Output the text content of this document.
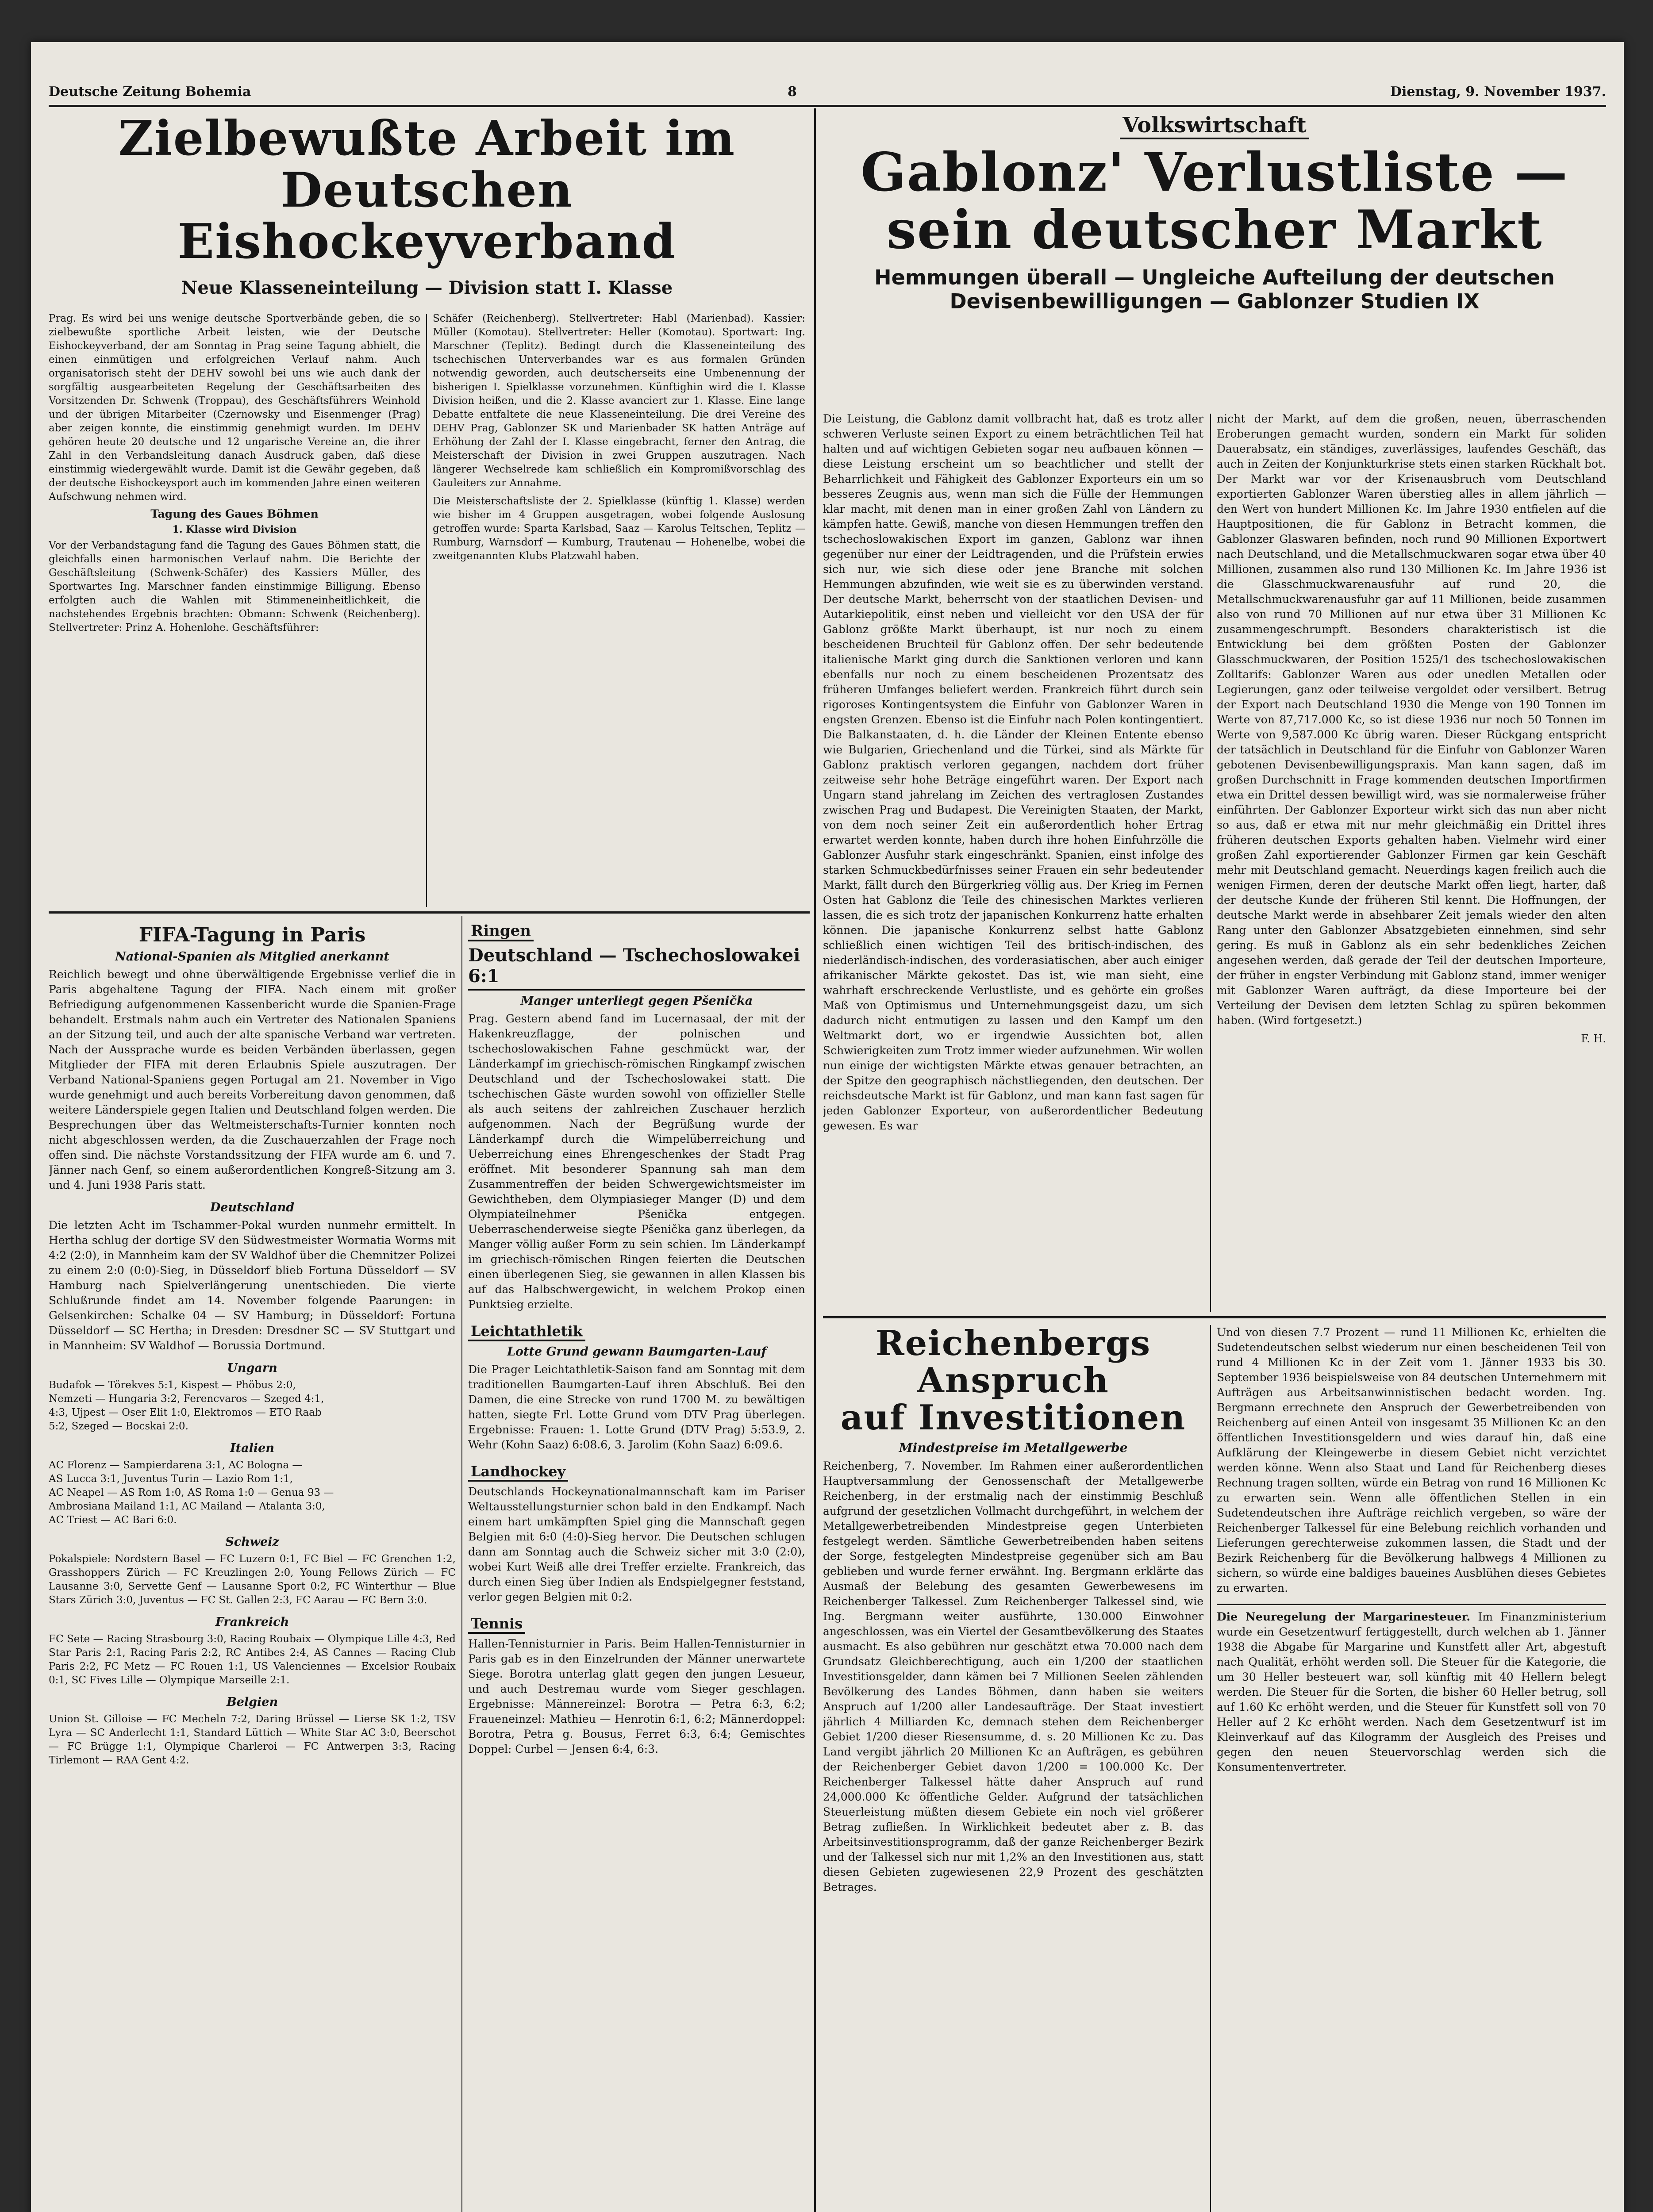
Deutsche Zeitung Bohemia	8	Dienstag, 9. November 1937.
Zielbewußte Arbeit im Deutschen
Eishockeyverband
Neue Klasseneinteilung — Division statt I. Klasse

Prag. Es wird bei uns wenige deutsche Sportverbände geben, die so zielbewußte sportliche Arbeit leisten, wie der Deutsche Eishockeyverband, der am Sonntag in Prag seine Tagung abhielt, die einen einmütigen und erfolgreichen Verlauf nahm. Auch organisatorisch steht der DEHV sowohl bei uns wie auch dank der sorgfältig ausgearbeiteten Regelung der Geschäftsarbeiten des Vorsitzenden Dr. Schwenk (Troppau), des Geschäftsführers Weinhold und der übrigen Mitarbeiter (Czernowsky und Eisenmenger (Prag) aber zeigen konnte, die einstimmig genehmigt wurden. Im DEHV gehören heute 20 deutsche und 12 ungarische Vereine an, die ihrer Zahl in den Verbandsleitung danach Ausdruck gaben, daß diese einstimmig wiedergewählt wurde. Damit ist die Gewähr gegeben, daß der deutsche Eishockeysport auch im kommenden Jahre einen weiteren Aufschwung nehmen wird.

Tagung des Gaues Böhmen
1. Klasse wird Division

Vor der Verbandstagung fand die Tagung des Gaues Böhmen statt, die gleichfalls einen harmonischen Verlauf nahm. Die Berichte der Geschäftsleitung (Schwenk-Schäfer) des Kassiers Müller, des Sportwartes Ing. Marschner fanden einstimmige Billigung. Ebenso erfolgten auch die Wahlen mit Stimmeneinheitlichkeit, die nachstehendes Ergebnis brachten: Obmann: Schwenk (Reichenberg). Stellvertreter: Prinz A. Hohenlohe. Geschäftsführer:

Schäfer (Reichenberg). Stellvertreter: Habl (Marienbad). Kassier: Müller (Komotau). Stellvertreter: Heller (Komotau). Sportwart: Ing. Marschner (Teplitz). Bedingt durch die Klasseneinteilung des tschechischen Unterverbandes war es aus formalen Gründen notwendig geworden, auch deutscherseits eine Umbenennung der bisherigen I. Spielklasse vorzunehmen. Künftighin wird die I. Klasse Division heißen, und die 2. Klasse avanciert zur 1. Klasse. Eine lange Debatte entfaltete die neue Klasseneinteilung. Die drei Vereine des DEHV Prag, Gablonzer SK und Marienbader SK hatten Anträge auf Erhöhung der Zahl der I. Klasse eingebracht, ferner den Antrag, die Meisterschaft der Division in zwei Gruppen auszutragen. Nach längerer Wechselrede kam schließlich ein Kompromißvorschlag des Gauleiters zur Annahme.

Die Meisterschaftsliste der 2. Spielklasse (künftig 1. Klasse) werden wie bisher im 4 Gruppen ausgetragen, wobei folgende Auslosung getroffen wurde: Sparta Karlsbad, Saaz — Karolus Teltschen, Teplitz — Rumburg, Warnsdorf — Kumburg, Trautenau — Hohenelbe, wobei die zweitgenannten Klubs Platzwahl haben.

FIFA-Tagung in Paris
National-Spanien als Mitglied anerkannt

Reichlich bewegt und ohne überwältigende Ergebnisse verlief die in Paris abgehaltene Tagung der FIFA. Nach einem mit großer Befriedigung aufgenommenen Kassenbericht wurde die Spanien-Frage behandelt. Erstmals nahm auch ein Vertreter des Nationalen Spaniens an der Sitzung teil, und auch der alte spanische Verband war vertreten. Nach der Aussprache wurde es beiden Verbänden überlassen, gegen Mitglieder der FIFA mit deren Erlaubnis Spiele auszutragen. Der Verband National-Spaniens gegen Portugal am 21. November in Vigo wurde genehmigt und auch bereits Vorbereitung davon genommen, daß weitere Länderspiele gegen Italien und Deutschland folgen werden. Die Besprechungen über das Weltmeisterschafts-Turnier konnten noch nicht abgeschlossen werden, da die Zuschauerzahlen der Frage noch offen sind. Die nächste Vorstandssitzung der FIFA wurde am 6. und 7. Jänner nach Genf, so einem außerordentlichen Kongreß-Sitzung am 3. und 4. Juni 1938 Paris statt.

Deutschland

Die letzten Acht im Tschammer-Pokal wurden nunmehr ermittelt. In Hertha schlug der dortige SV den Südwestmeister Wormatia Worms mit 4:2 (2:0), in Mannheim kam der SV Waldhof über die Chemnitzer Polizei zu einem 2:0 (0:0)-Sieg, in Düsseldorf blieb Fortuna Düsseldorf — SV Hamburg nach Spielverlängerung unentschieden. Die vierte Schlußrunde findet am 14. November folgende Paarungen: in Gelsenkirchen: Schalke 04 — SV Hamburg; in Düsseldorf: Fortuna Düsseldorf — SC Hertha; in Dresden: Dresdner SC — SV Stuttgart und in Mannheim: SV Waldhof — Borussia Dortmund.

Ungarn
Budafok — Törekves 5:1, Kispest — Phöbus 2:0,
Nemzeti — Hungaria 3:2, Ferencvaros — Szeged 4:1,
4:3, Ujpest — Oser Elit 1:0, Elektromos — ETO Raab
5:2, Szeged — Bocskai 2:0.
Italien
AC Florenz — Sampierdarena 3:1, AC Bologna —
AS Lucca 3:1, Juventus Turin — Lazio Rom 1:1,
AC Neapel — AS Rom 1:0, AS Roma 1:0 — Genua 93 —
Ambrosiana Mailand 1:1, AC Mailand — Atalanta 3:0,
AC Triest — AC Bari 6:0.
Schweiz

Pokalspiele: Nordstern Basel — FC Luzern 0:1, FC Biel — FC Grenchen 1:2, Grasshoppers Zürich — FC Kreuzlingen 2:0, Young Fellows Zürich — FC Lausanne 3:0, Servette Genf — Lausanne Sport 0:2, FC Winterthur — Blue Stars Zürich 3:0, Juventus — FC St. Gallen 2:3, FC Aarau — FC Bern 3:0.

Frankreich

FC Sete — Racing Strasbourg 3:0, Racing Roubaix — Olympique Lille 4:3, Red Star Paris 2:1, Racing Paris 2:2, RC Antibes 2:4, AS Cannes — Racing Club Paris 2:2, FC Metz — FC Rouen 1:1, US Valenciennes — Excelsior Roubaix 0:1, SC Fives Lille — Olympique Marseille 2:1.

Belgien

Union St. Gilloise — FC Mecheln 7:2, Daring Brüssel — Lierse SK 1:2, TSV Lyra — SC Anderlecht 1:1, Standard Lüttich — White Star AC 3:0, Beerschot — FC Brügge 1:1, Olympique Charleroi — FC Antwerpen 3:3, Racing Tirlemont — RAA Gent 4:2.

Ringen
Deutschland — Tschechoslowakei 6:1
Manger unterliegt gegen Pšenička

Prag. Gestern abend fand im Lucernasaal, der mit der Hakenkreuzflagge, der polnischen und tschechoslowakischen Fahne geschmückt war, der Länderkampf im griechisch-römischen Ringkampf zwischen Deutschland und der Tschechoslowakei statt. Die tschechischen Gäste wurden sowohl von offizieller Stelle als auch seitens der zahlreichen Zuschauer herzlich aufgenommen. Nach der Begrüßung wurde der Länderkampf durch die Wimpelüberreichung und Ueberreichung eines Ehrengeschenkes der Stadt Prag eröffnet. Mit besonderer Spannung sah man dem Zusammentreffen der beiden Schwergewichtsmeister im Gewichtheben, dem Olympiasieger Manger (D) und dem Olympiateilnehmer Pšenička entgegen. Ueberraschenderweise siegte Pšenička ganz überlegen, da Manger völlig außer Form zu sein schien. Im Länderkampf im griechisch-römischen Ringen feierten die Deutschen einen überlegenen Sieg, sie gewannen in allen Klassen bis auf das Halbschwergewicht, in welchem Prokop einen Punktsieg erzielte.

Leichtathletik
Lotte Grund gewann Baumgarten-Lauf

Die Prager Leichtathletik-Saison fand am Sonntag mit dem traditionellen Baumgarten-Lauf ihren Abschluß. Bei den Damen, die eine Strecke von rund 1700 M. zu bewältigen hatten, siegte Frl. Lotte Grund vom DTV Prag überlegen. Ergebnisse: Frauen: 1. Lotte Grund (DTV Prag) 5:53.9, 2. Wehr (Kohn Saaz) 6:08.6, 3. Jarolim (Kohn Saaz) 6:09.6.

Landhockey

Deutschlands Hockeynationalmannschaft kam im Pariser Weltausstellungsturnier schon bald in den Endkampf. Nach einem hart umkämpften Spiel ging die Mannschaft gegen Belgien mit 6:0 (4:0)-Sieg hervor. Die Deutschen schlugen dann am Sonntag auch die Schweiz sicher mit 3:0 (2:0), wobei Kurt Weiß alle drei Treffer erzielte. Frankreich, das durch einen Sieg über Indien als Endspielgegner feststand, verlor gegen Belgien mit 0:2.

Tennis

Hallen-Tennisturnier in Paris. Beim Hallen-Tennisturnier in Paris gab es in den Einzelrunden der Männer unerwartete Siege. Borotra unterlag glatt gegen den jungen Lesueur, und auch Destremau wurde vom Sieger geschlagen. Ergebnisse: Männereinzel: Borotra — Petra 6:3, 6:2; Fraueneinzel: Mathieu — Henrotin 6:1, 6:2; Männerdoppel: Borotra, Petra g. Bousus, Ferret 6:3, 6:4; Gemischtes Doppel: Curbel — Jensen 6:4, 6:3.

Volkswirtschaft
Gablonz' Verlustliste —
sein deutscher Markt
Hemmungen überall — Ungleiche Aufteilung der deutschen
Devisenbewilligungen — Gablonzer Studien IX

Die Leistung, die Gablonz damit vollbracht hat, daß es trotz aller schweren Verluste seinen Export zu einem beträchtlichen Teil hat halten und auf wichtigen Gebieten sogar neu aufbauen können — diese Leistung erscheint um so beachtlicher und stellt der Beharrlichkeit und Fähigkeit des Gablonzer Exporteurs ein um so besseres Zeugnis aus, wenn man sich die Fülle der Hemmungen klar macht, mit denen man in einer großen Zahl von Ländern zu kämpfen hatte. Gewiß, manche von diesen Hemmungen treffen den tschechoslowakischen Export im ganzen, Gablonz war ihnen gegenüber nur einer der Leidtragenden, und die Prüfstein erwies sich nur, wie sich diese oder jene Branche mit solchen Hemmungen abzufinden, wie weit sie es zu überwinden verstand. Der deutsche Markt, beherrscht von der staatlichen Devisen- und Autarkiepolitik, einst neben und vielleicht vor den USA der für Gablonz größte Markt überhaupt, ist nur noch zu einem bescheidenen Bruchteil für Gablonz offen. Der sehr bedeutende italienische Markt ging durch die Sanktionen verloren und kann ebenfalls nur noch zu einem bescheidenen Prozentsatz des früheren Umfanges beliefert werden. Frankreich führt durch sein rigoroses Kontingentsystem die Einfuhr von Gablonzer Waren in engsten Grenzen. Ebenso ist die Einfuhr nach Polen kontingentiert. Die Balkanstaaten, d. h. die Länder der Kleinen Entente ebenso wie Bulgarien, Griechenland und die Türkei, sind als Märkte für Gablonz praktisch verloren gegangen, nachdem dort früher zeitweise sehr hohe Beträge eingeführt waren. Der Export nach Ungarn stand jahrelang im Zeichen des vertraglosen Zustandes zwischen Prag und Budapest. Die Vereinigten Staaten, der Markt, von dem noch seiner Zeit ein außerordentlich hoher Ertrag erwartet werden konnte, haben durch ihre hohen Einfuhrzölle die Gablonzer Ausfuhr stark eingeschränkt. Spanien, einst infolge des starken Schmuckbedürfnisses seiner Frauen ein sehr bedeutender Markt, fällt durch den Bürgerkrieg völlig aus. Der Krieg im Fernen Osten hat Gablonz die Teile des chinesischen Marktes verlieren lassen, die es sich trotz der japanischen Konkurrenz hatte erhalten können. Die japanische Konkurrenz selbst hatte Gablonz schließlich einen wichtigen Teil des britisch-indischen, des niederländisch-indischen, des vorderasiatischen, aber auch einiger afrikanischer Märkte gekostet. Das ist, wie man sieht, eine wahrhaft erschreckende Verlustliste, und es gehörte ein großes Maß von Optimismus und Unternehmungsgeist dazu, um sich dadurch nicht entmutigen zu lassen und den Kampf um den Weltmarkt dort, wo er irgendwie Aussichten bot, allen Schwierigkeiten zum Trotz immer wieder aufzunehmen. Wir wollen nun einige der wichtigsten Märkte etwas genauer betrachten, an der Spitze den geographisch nächstliegenden, den deutschen. Der reichsdeutsche Markt ist für Gablonz, und man kann fast sagen für jeden Gablonzer Exporteur, von außerordentlicher Bedeutung gewesen. Es war

nicht der Markt, auf dem die großen, neuen, überraschenden Eroberungen gemacht wurden, sondern ein Markt für soliden Dauerabsatz, ein ständiges, zuverlässiges, laufendes Geschäft, das auch in Zeiten der Konjunkturkrise stets einen starken Rückhalt bot. Der Markt war vor der Krisenausbruch vom Deutschland exportierten Gablonzer Waren überstieg alles in allem jährlich — den Wert von hundert Millionen Kc. Im Jahre 1930 entfielen auf die Hauptpositionen, die für Gablonz in Betracht kommen, die Gablonzer Glaswaren befinden, noch rund 90 Millionen Exportwert nach Deutschland, und die Metallschmuckwaren sogar etwa über 40 Millionen, zusammen also rund 130 Millionen Kc. Im Jahre 1936 ist die Glasschmuckwarenausfuhr auf rund 20, die Metallschmuckwarenausfuhr gar auf 11 Millionen, beide zusammen also von rund 70 Millionen auf nur etwa über 31 Millionen Kc zusammengeschrumpft. Besonders charakteristisch ist die Entwicklung bei dem größten Posten der Gablonzer Glasschmuckwaren, der Position 1525/1 des tschechoslowakischen Zolltarifs: Gablonzer Waren aus oder unedlen Metallen oder Legierungen, ganz oder teilweise vergoldet oder versilbert. Betrug der Export nach Deutschland 1930 die Menge von 190 Tonnen im Werte von 87,717.000 Kc, so ist diese 1936 nur noch 50 Tonnen im Werte von 9,587.000 Kc übrig waren. Dieser Rückgang entspricht der tatsächlich in Deutschland für die Einfuhr von Gablonzer Waren gebotenen Devisenbewilligungspraxis. Man kann sagen, daß im großen Durchschnitt in Frage kommenden deutschen Importfirmen etwa ein Drittel dessen bewilligt wird, was sie normalerweise früher einführten. Der Gablonzer Exporteur wirkt sich das nun aber nicht so aus, daß er etwa mit nur mehr gleichmäßig ein Drittel ihres früheren deutschen Exports gehalten haben. Vielmehr wird einer großen Zahl exportierender Gablonzer Firmen gar kein Geschäft mehr mit Deutschland gemacht. Neuerdings kagen freilich auch die wenigen Firmen, deren der deutsche Markt offen liegt, harter, daß der deutsche Kunde der früheren Stil kennt. Die Hoffnungen, der deutsche Markt werde in absehbarer Zeit jemals wieder den alten Rang unter den Gablonzer Absatzgebieten einnehmen, sind sehr gering. Es muß in Gablonz als ein sehr bedenkliches Zeichen angesehen werden, daß gerade der Teil der deutschen Importeure, der früher in engster Verbindung mit Gablonz stand, immer weniger mit Gablonzer Waren aufträgt, da diese Importeure bei der Verteilung der Devisen dem letzten Schlag zu spüren bekommen haben. (Wird fortgesetzt.)

F. H.
Reichenbergs Anspruch
auf Investitionen
Mindestpreise im Metallgewerbe

Reichenberg, 7. November. Im Rahmen einer außerordentlichen Hauptversammlung der Genossenschaft der Metallgewerbe Reichenberg, in der erstmalig nach der einstimmig Beschluß aufgrund der gesetzlichen Vollmacht durchgeführt, in welchem der Metallgewerbetreibenden Mindestpreise gegen Unterbieten festgelegt werden. Sämtliche Gewerbetreibenden haben seitens der Sorge, festgelegten Mindestpreise gegenüber sich am Bau geblieben und wurde ferner erwähnt. Ing. Bergmann erklärte das Ausmaß der Belebung des gesamten Gewerbewesens im Reichenberger Talkessel. Zum Reichenberger Talkessel sind, wie Ing. Bergmann weiter ausführte, 130.000 Einwohner angeschlossen, was ein Viertel der Gesamtbevölkerung des Staates ausmacht. Es also gebühren nur geschätzt etwa 70.000 nach dem Grundsatz Gleichberechtigung, auch ein 1/200 der staatlichen Investitionsgelder, dann kämen bei 7 Millionen Seelen zählenden Bevölkerung des Landes Böhmen, dann haben sie weiters Anspruch auf 1/200 aller Landesaufträge. Der Staat investiert jährlich 4 Milliarden Kc, demnach stehen dem Reichenberger Gebiet 1/200 dieser Riesensumme, d. s. 20 Millionen Kc zu. Das Land vergibt jährlich 20 Millionen Kc an Aufträgen, es gebühren der Reichenberger Gebiet davon 1/200 = 100.000 Kc. Der Reichenberger Talkessel hätte daher Anspruch auf rund 24,000.000 Kc öffentliche Gelder. Aufgrund der tatsächlichen Steuerleistung müßten diesem Gebiete ein noch viel größerer Betrag zufließen. In Wirklichkeit bedeutet aber z. B. das Arbeitsinvestitionsprogramm, daß der ganze Reichenberger Bezirk und der Talkessel sich nur mit 1,2% an den Investitionen aus, statt diesen Gebieten zugewiesenen 22,9 Prozent des geschätzten Betrages.

Und von diesen 7.7 Prozent — rund 11 Millionen Kc, erhielten die Sudetendeutschen selbst wiederum nur einen bescheidenen Teil von rund 4 Millionen Kc in der Zeit vom 1. Jänner 1933 bis 30. September 1936 beispielsweise von 84 deutschen Unternehmern mit Aufträgen aus Arbeitsanwinnistischen bedacht worden. Ing. Bergmann errechnete den Anspruch der Gewerbetreibenden von Reichenberg auf einen Anteil von insgesamt 35 Millionen Kc an den öffentlichen Investitionsgeldern und wies darauf hin, daß eine Aufklärung der Kleingewerbe in diesem Gebiet nicht verzichtet werden könne. Wenn also Staat und Land für Reichenberg dieses Rechnung tragen sollten, würde ein Betrag von rund 16 Millionen Kc zu erwarten sein. Wenn alle öffentlichen Stellen in ein Sudetendeutschen ihre Aufträge reichlich vergeben, so wäre der Reichenberger Talkessel für eine Belebung reichlich vorhanden und Lieferungen gerechterweise zukommen lassen, die Stadt und der Bezirk Reichenberg für die Bevölkerung halbwegs 4 Millionen zu sichern, so würde eine baldiges baueines Ausblühen dieses Gebietes zu erwarten.

Die Neuregelung der Margarinesteuer. Im Finanzministerium wurde ein Gesetzentwurf fertiggestellt, durch welchen ab 1. Jänner 1938 die Abgabe für Margarine und Kunstfett aller Art, abgestuft nach Qualität, erhöht werden soll. Die Steuer für die Kategorie, die um 30 Heller besteuert war, soll künftig mit 40 Hellern belegt werden. Die Steuer für die Sorten, die bisher 60 Heller betrug, soll auf 1.60 Kc erhöht werden, und die Steuer für Kunstfett soll von 70 Heller auf 2 Kc erhöht werden. Nach dem Gesetzentwurf ist im Kleinverkauf auf das Kilogramm der Ausgleich des Preises und gegen den neuen Steuervorschlag werden sich die Konsumentenvertreter.
